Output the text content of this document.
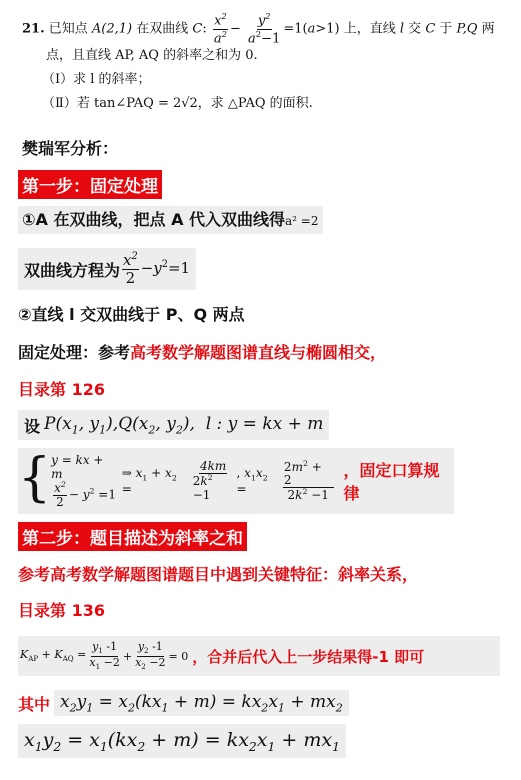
21. 已知点 A(2,1) 在双曲线 C: $\frac{x^2}{a^2} - \frac{y^2}{a^2-1} =1(a>1)$ 上，直线 l 交 C 于 P,Q 两
点，且直线 AP, AQ 的斜率之和为 0.
（Ⅰ）求 l 的斜率；
（Ⅱ）若 tan∠PAQ = 2√2，求 △PAQ 的面积.
樊瑞军分析：
第一步：固定处理
①A 在双曲线，把点 A 代入双曲线得a² =2
双曲线方程为 $\frac{x^2}{2} -y^2=1$
②直线 l 交双曲线于 P、Q 两点
固定处理：参考高考数学解题图谱直线与椭圆相交，
目录第 126
设 $P(x_1$, $y_1),Q(x_2$, $y_2$),  l : y = kx + m
{ y = kx + m
$\frac{x^2}{2} - y^2 =1$
⇒ $x_1 + x_2$ =	$\frac{4km}{2k^2 -1}$ , $x_1x_2$ =	$\frac{2m^2 + 2}{2k^2 -1}$ ，固定口算规律
第二步：题目描述为斜率之和
参考高考数学解题图谱题目中遇到关键特征：斜率关系，
目录第 136
$K_{AP} + K_{AQ} = \frac{y_1 -1}{x_1 -2} + \frac{y_2 -1}{x_2 -2} = 0$ ，合并后代入上一步结果得-1 即可
其中 $x_2y_1 = x_2(kx_1 + m) = kx_2x_1 + mx_2$
$x_1y_2 = x_1(kx_2 + m) = kx_2x_1 + mx_1$
